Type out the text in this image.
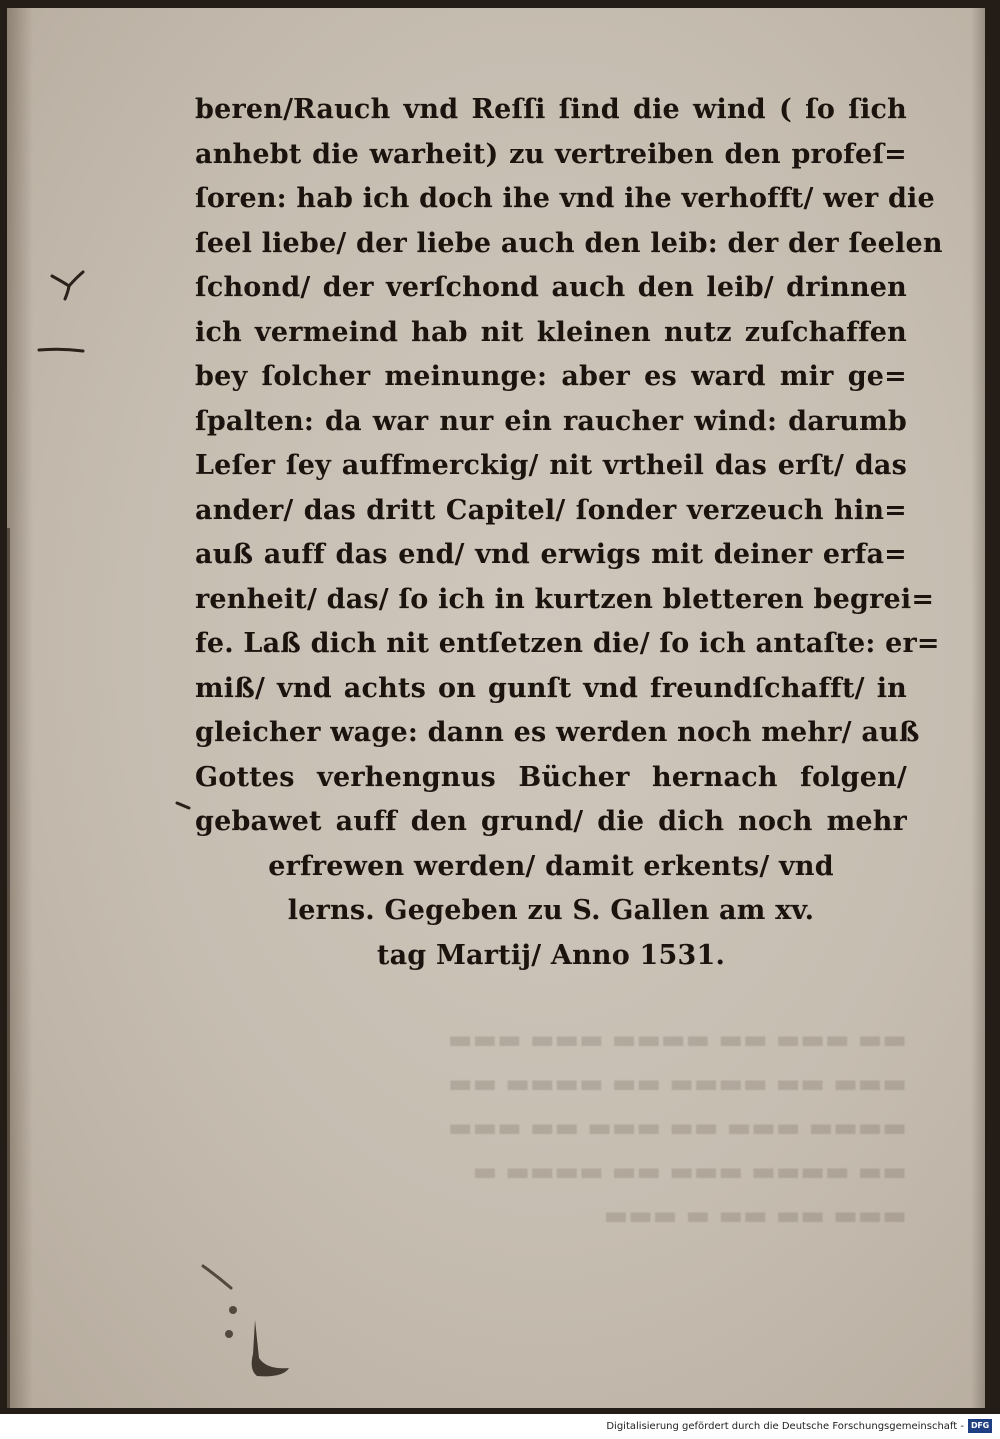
beren/Rauch vnd Reſſi ſind die wind ( ſo ſich
anhebt die warheit) zu vertreiben den profeſ=
ſoren: hab ich doch ihe vnd ihe verhofft/ wer die
ſeel liebe/ der liebe auch den leib: der der ſeelen
ſchond/ der verſchond auch den leib/ drinnen
ich vermeind hab nit kleinen nutz zuſchaffen
bey ſolcher meinunge: aber es ward mir ge=
ſpalten: da war nur ein raucher wind: darumb
Leſer ſey auffmerckig/ nit vrtheil das erſt/ das
ander/ das dritt Capitel/ ſonder verzeuch hin=
auß auff das end/ vnd erwigs mit deiner erfa=
renheit/ das/ ſo ich in kurtzen bletteren begrei=
fe. Laß dich nit entſetzen die/ ſo ich antaſte: er=
miß/ vnd achts on gunſt vnd freundſchafft/ in
gleicher wage: dann es werden noch mehr/ auß
Gottes verhengnus Bücher hernach folgen/
gebawet auff den grund/ die dich noch mehr
erfrewen werden/ damit erkents/ vnd
lerns. Gegeben zu S. Gallen am xv.
tag Martij/ Anno 1531.
▬▬ ▬▬▬ ▬▬ ▬▬▬▬ ▬▬▬ ▬▬▬
▬▬▬ ▬▬ ▬▬▬▬ ▬▬ ▬▬▬▬ ▬▬
▬▬▬▬ ▬▬▬ ▬▬ ▬▬▬ ▬▬ ▬▬▬
▬▬ ▬▬▬▬ ▬▬▬ ▬▬ ▬▬▬▬ ▬
▬▬▬ ▬▬ ▬▬ ▬ ▬▬▬
Digitalisierung gefördert durch die Deutsche Forschungsgemeinschaft - DFG
